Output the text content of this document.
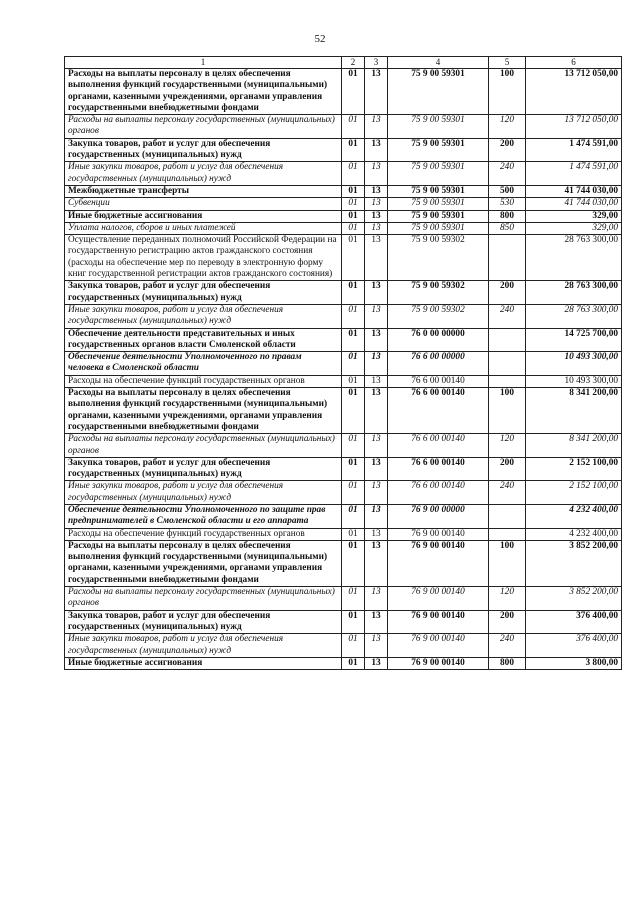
52
1	2	3	4	5	6
Расходы на выплаты персоналу в целях обеспечения выполнения функций государственными (муниципальными) органами, казенными учреждениями, органами управления государственными внебюджетными фондами	01	13	75 9 00 59301	100	13 712 050,00
Расходы на выплаты персоналу государственных (муниципальных) органов	01	13	75 9 00 59301	120	13 712 050,00
Закупка товаров, работ и услуг для обеспечения государственных (муниципальных) нужд	01	13	75 9 00 59301	200	1 474 591,00
Иные закупки товаров, работ и услуг для обеспечения государственных (муниципальных) нужд	01	13	75 9 00 59301	240	1 474 591,00
Межбюджетные трансферты	01	13	75 9 00 59301	500	41 744 030,00
Субвенции	01	13	75 9 00 59301	530	41 744 030,00
Иные бюджетные ассигнования	01	13	75 9 00 59301	800	329,00
Уплата налогов, сборов и иных платежей	01	13	75 9 00 59301	850	329,00
Осуществление переданных полномочий Российской Федерации на государственную регистрацию актов гражданского состояния (расходы на обеспечение мер по переводу в электронную форму книг государственной регистрации актов гражданского состояния)	01	13	75 9 00 59302		28 763 300,00
Закупка товаров, работ и услуг для обеспечения государственных (муниципальных) нужд	01	13	75 9 00 59302	200	28 763 300,00
Иные закупки товаров, работ и услуг для обеспечения государственных (муниципальных) нужд	01	13	75 9 00 59302	240	28 763 300,00
Обеспечение деятельности представительных и иных государственных органов власти Смоленской области	01	13	76 0 00 00000		14 725 700,00
Обеспечение деятельности Уполномоченного по правам человека в Смоленской области	01	13	76 6 00 00000		10 493 300,00
Расходы на обеспечение функций государственных органов	01	13	76 6 00 00140		10 493 300,00
Расходы на выплаты персоналу в целях обеспечения выполнения функций государственными (муниципальными) органами, казенными учреждениями, органами управления государственными внебюджетными фондами	01	13	76 6 00 00140	100	8 341 200,00
Расходы на выплаты персоналу государственных (муниципальных) органов	01	13	76 6 00 00140	120	8 341 200,00
Закупка товаров, работ и услуг для обеспечения государственных (муниципальных) нужд	01	13	76 6 00 00140	200	2 152 100,00
Иные закупки товаров, работ и услуг для обеспечения государственных (муниципальных) нужд	01	13	76 6 00 00140	240	2 152 100,00
Обеспечение деятельности Уполномоченного по защите прав предпринимателей в Смоленской области и его аппарата	01	13	76 9 00 00000		4 232 400,00
Расходы на обеспечение функций государственных органов	01	13	76 9 00 00140		4 232 400,00
Расходы на выплаты персоналу в целях обеспечения выполнения функций государственными (муниципальными) органами, казенными учреждениями, органами управления государственными внебюджетными фондами	01	13	76 9 00 00140	100	3 852 200,00
Расходы на выплаты персоналу государственных (муниципальных) органов	01	13	76 9 00 00140	120	3 852 200,00
Закупка товаров, работ и услуг для обеспечения государственных (муниципальных) нужд	01	13	76 9 00 00140	200	376 400,00
Иные закупки товаров, работ и услуг для обеспечения государственных (муниципальных) нужд	01	13	76 9 00 00140	240	376 400,00
Иные бюджетные ассигнования	01	13	76 9 00 00140	800	3 800,00
